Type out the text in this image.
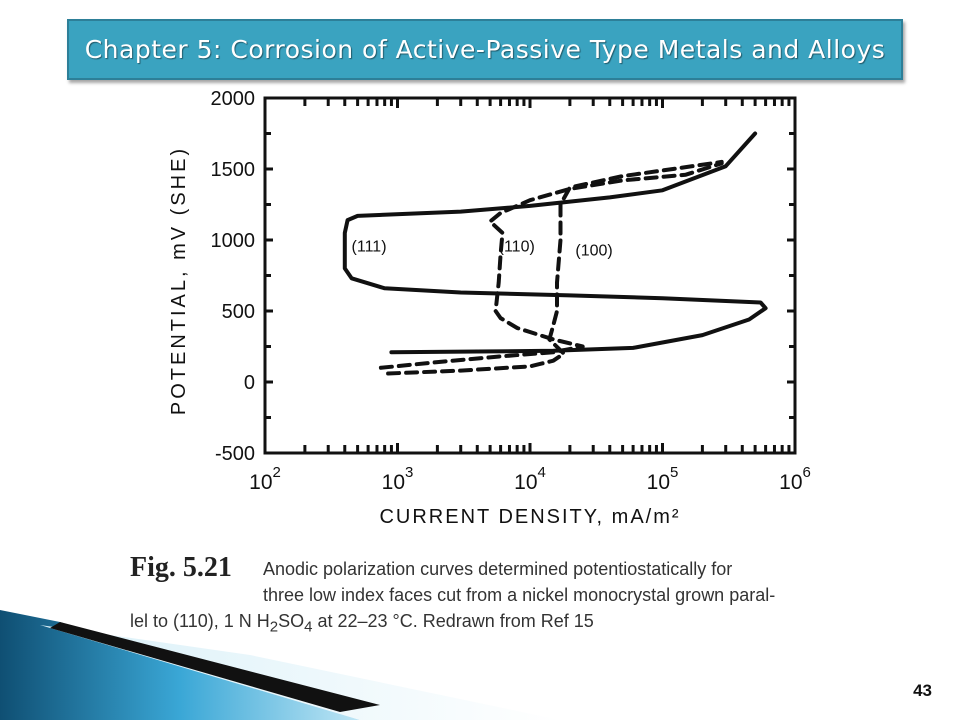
Chapter 5: Corrosion of Active-Passive Type Metals and Alloys
2000
1500
1000
500
0
-500
$10^2$	$10^3$	$10^4$	$10^5$	$10^6$
CURRENT DENSITY, mA/m²
POTENTIAL, mV (SHE)	(111)	(110)	(100)
Fig. 5.21 Anodic polarization curves determined potentiostatically for
three low index faces cut from a nickel monocrystal grown paral-
lel to (110), 1 N $H_2SO_4$ at 22–23 °C. Redrawn from Ref 15
43
